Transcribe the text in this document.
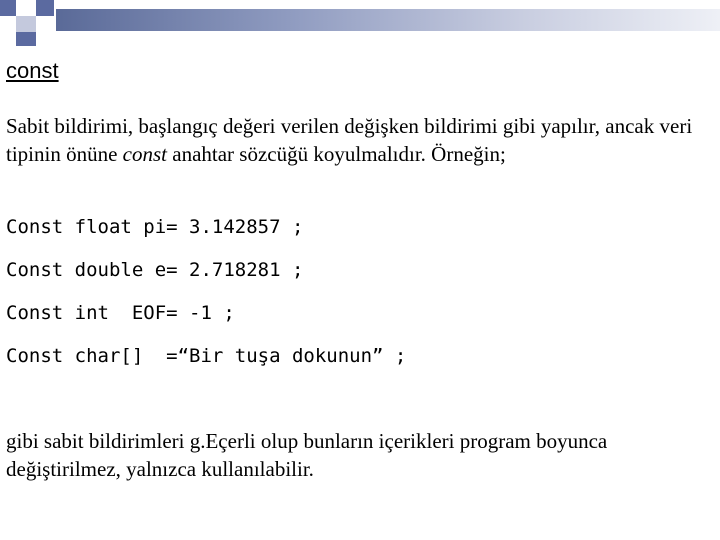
const

Sabit bildirimi, başlangıç değeri verilen değişken bildirimi gibi yapılır, ancak veri tipinin önüne const anahtar sözcüğü koyulmalıdır. Örneğin;

Const float pi= 3.142857 ;
Const double e= 2.718281 ;
Const int  EOF= -1 ;
Const char[]  =“Bir tuşa dokunun” ;

gibi sabit bildirimleri g.Eçerli olup bunların içerikleri program boyunca değiştirilmez, yalnızca kullanılabilir.
